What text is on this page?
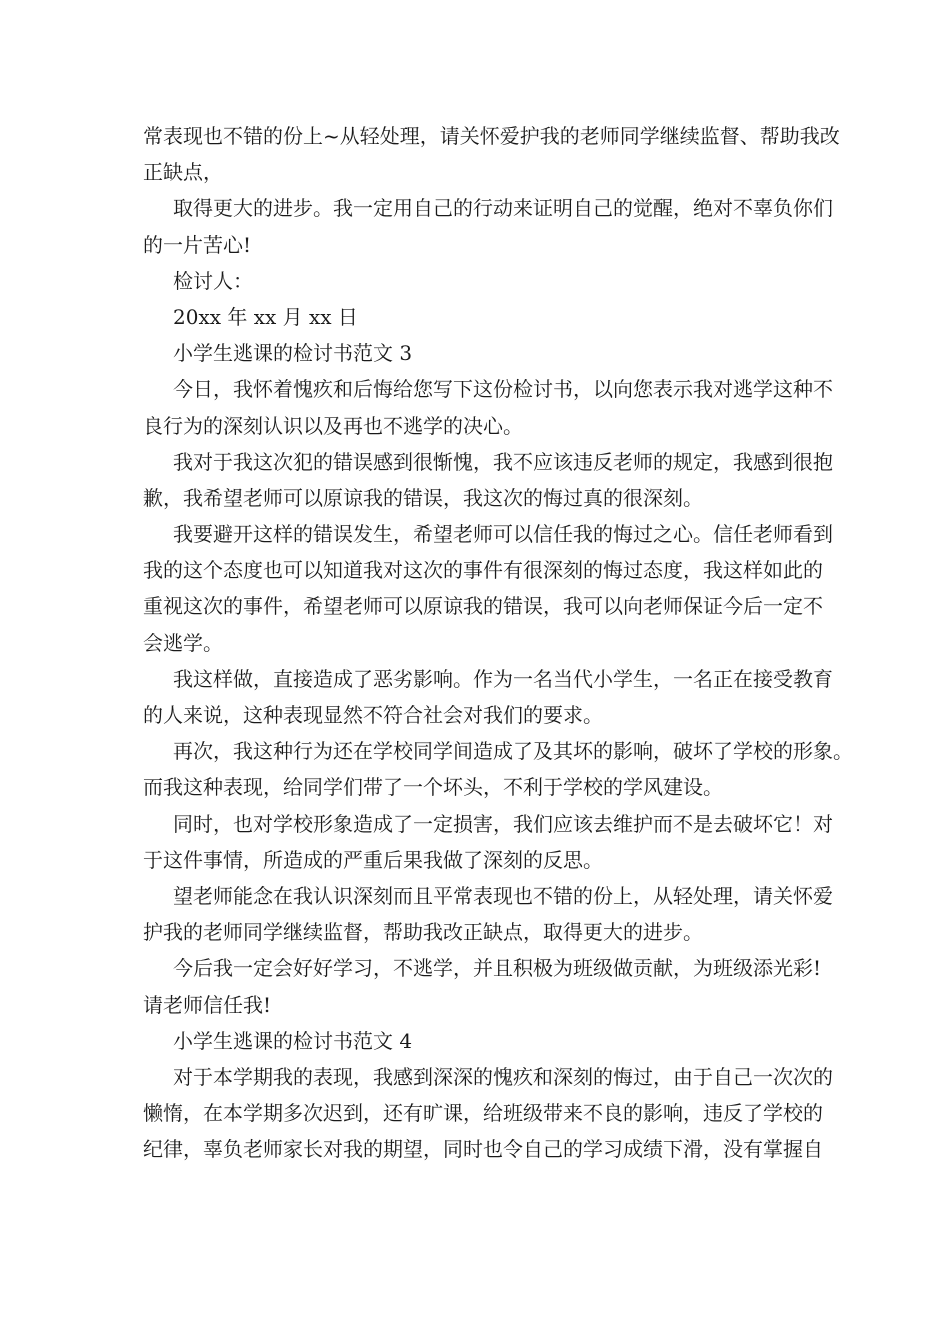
常表现也不错的份上~从轻处理，请关怀爱护我的老师同学继续监督、帮助我改
正缺点，
取得更大的进步。我一定用自己的行动来证明自己的觉醒，绝对不辜负你们
的一片苦心!
检讨人：
20xx 年 xx 月 xx 日
小学生逃课的检讨书范文 3
今日，我怀着愧疚和后悔给您写下这份检讨书，以向您表示我对逃学这种不
良行为的深刻认识以及再也不逃学的决心。
我对于我这次犯的错误感到很惭愧，我不应该违反老师的规定，我感到很抱
歉，我希望老师可以原谅我的错误，我这次的悔过真的很深刻。
我要避开这样的错误发生，希望老师可以信任我的悔过之心。信任老师看到
我的这个态度也可以知道我对这次的事件有很深刻的悔过态度，我这样如此的
重视这次的事件，希望老师可以原谅我的错误，我可以向老师保证今后一定不
会逃学。
我这样做，直接造成了恶劣影响。作为一名当代小学生，一名正在接受教育
的人来说，这种表现显然不符合社会对我们的要求。
再次，我这种行为还在学校同学间造成了及其坏的影响，破坏了学校的形象。
而我这种表现，给同学们带了一个坏头，不利于学校的学风建设。
同时，也对学校形象造成了一定损害，我们应该去维护而不是去破坏它！对
于这件事情，所造成的严重后果我做了深刻的反思。
望老师能念在我认识深刻而且平常表现也不错的份上，从轻处理，请关怀爱
护我的老师同学继续监督，帮助我改正缺点，取得更大的进步。
今后我一定会好好学习，不逃学，并且积极为班级做贡献，为班级添光彩!
请老师信任我!
小学生逃课的检讨书范文 4
对于本学期我的表现，我感到深深的愧疚和深刻的悔过，由于自己一次次的
懒惰，在本学期多次迟到，还有旷课，给班级带来不良的影响，违反了学校的
纪律，辜负老师家长对我的期望，同时也令自己的学习成绩下滑，没有掌握自
